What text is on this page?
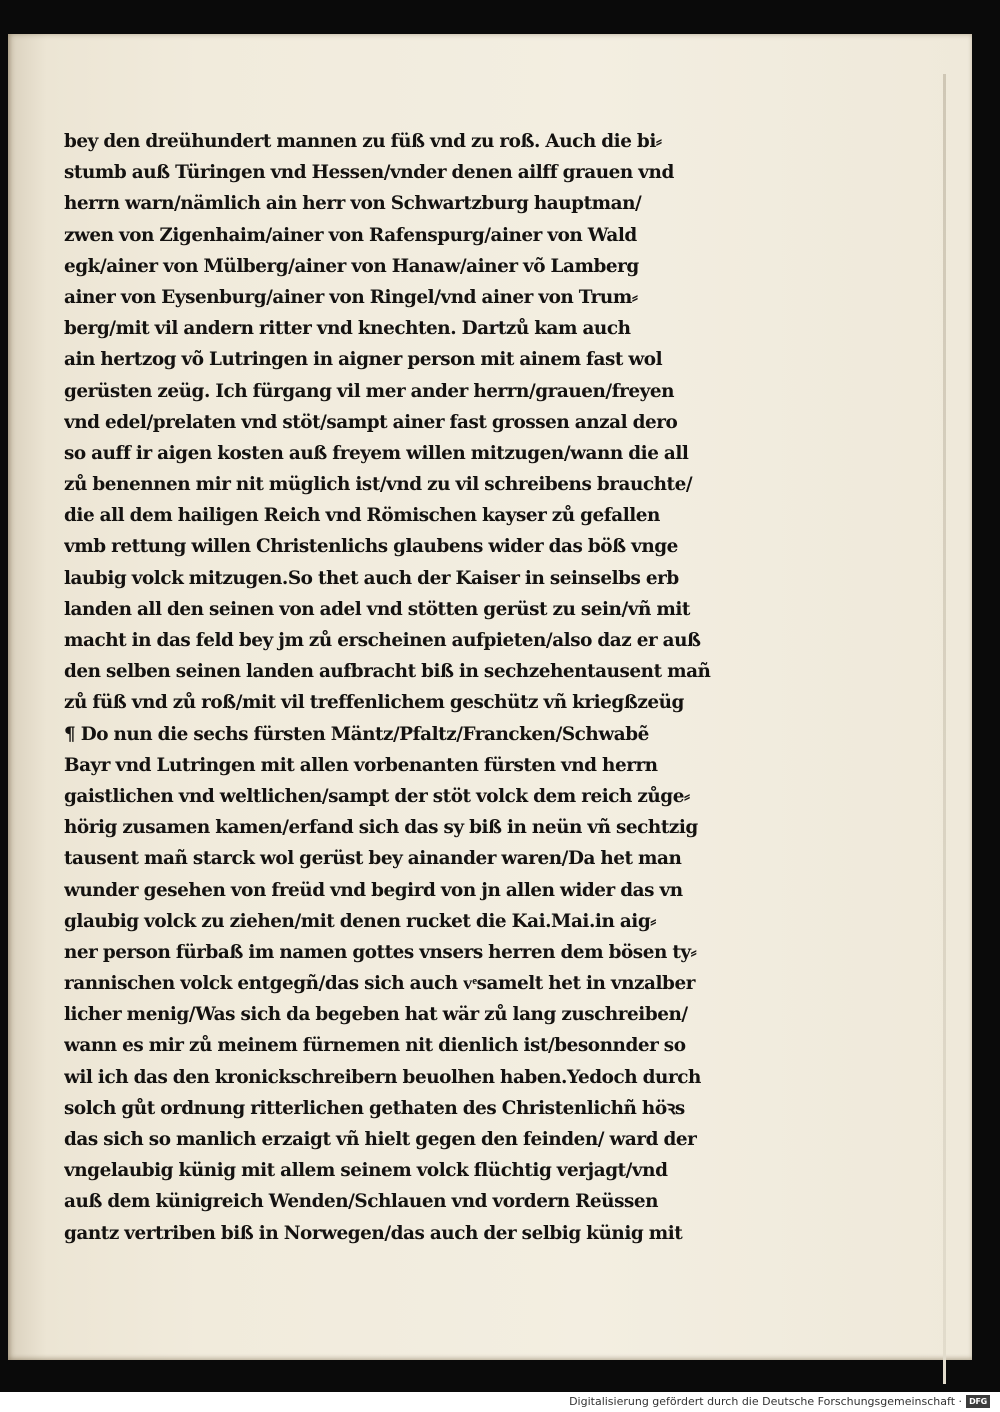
bey den dreühundert mannen zu füß vnd zu roß. Auch die bi⸗
stumb auß Türingen vnd Hessen/vnder denen ailff grauen vnd
herrn warn/nämlich ain herr von Schwartzburg hauptman/
zwen von Zigenhaim/ainer von Rafenspurg/ainer von Wald
egk/ainer von Mülberg/ainer von Hanaw/ainer võ Lamberg
ainer von Eysenburg/ainer von Ringel/vnd ainer von Trum⸗
berg/mit vil andern ritter vnd knechten. Dartzů kam auch
ain hertzog võ Lutringen in aigner person mit ainem fast wol
gerüsten zeüg. Ich fürgang vil mer ander herrn/grauen/freyen
vnd edel/prelaten vnd stöt/sampt ainer fast grossen anzal dero
so auff ir aigen kosten auß freyem willen mitzugen/wann die all
zů benennen mir nit müglich ist/vnd zu vil schreibens brauchte/
die all dem hailigen Reich vnd Römischen kayser zů gefallen
vmb rettung willen Christenlichs glaubens wider das böß vnge
laubig volck mitzugen.So thet auch der Kaiser in seinselbs erb
landen all den seinen von adel vnd stötten gerüst zu sein/vñ mit
macht in das feld bey jm zů erscheinen aufpieten/also daz er auß
den selben seinen landen aufbracht biß in sechzehentausent mañ
zů füß vnd zů roß/mit vil treffenlichem geschütz vñ kriegßzeüg
¶ Do nun die sechs fürsten Mäntz/Pfaltz/Francken/Schwabẽ
Bayr vnd Lutringen mit allen vorbenanten fürsten vnd herrn
gaistlichen vnd weltlichen/sampt der stöt volck dem reich zůge⸗
hörig zusamen kamen/erfand sich das sy biß in neün vñ sechtzig
tausent mañ starck wol gerüst bey ainander waren/Da het man
wunder gesehen von freüd vnd begird von jn allen wider das vn
glaubig volck zu ziehen/mit denen rucket die Kai.Mai.in aig⸗
ner person fürbaß im namen gottes vnsers herren dem bösen ty⸗
rannischen volck entgegñ/das sich auch vͤsamelt het in vnzalber
licher menig/Was sich da begeben hat wär zů lang zuschreiben/
wann es mir zů meinem fürnemen nit dienlich ist/besonnder so
wil ich das den kronickschreibern beuolhen haben.Yedoch durch
solch gůt ordnung ritterlichen gethaten des Christenlichñ höꝛs
das sich so manlich erzaigt vñ hielt gegen den feinden/ ward der
vngelaubig künig mit allem seinem volck flüchtig verjagt/vnd
auß dem künigreich Wenden/Schlauen vnd vordern Reüssen
gantz vertriben biß in Norwegen/das auch der selbig künig mit
Digitalisierung gefördert durch die Deutsche Forschungsgemeinschaft · DFG
